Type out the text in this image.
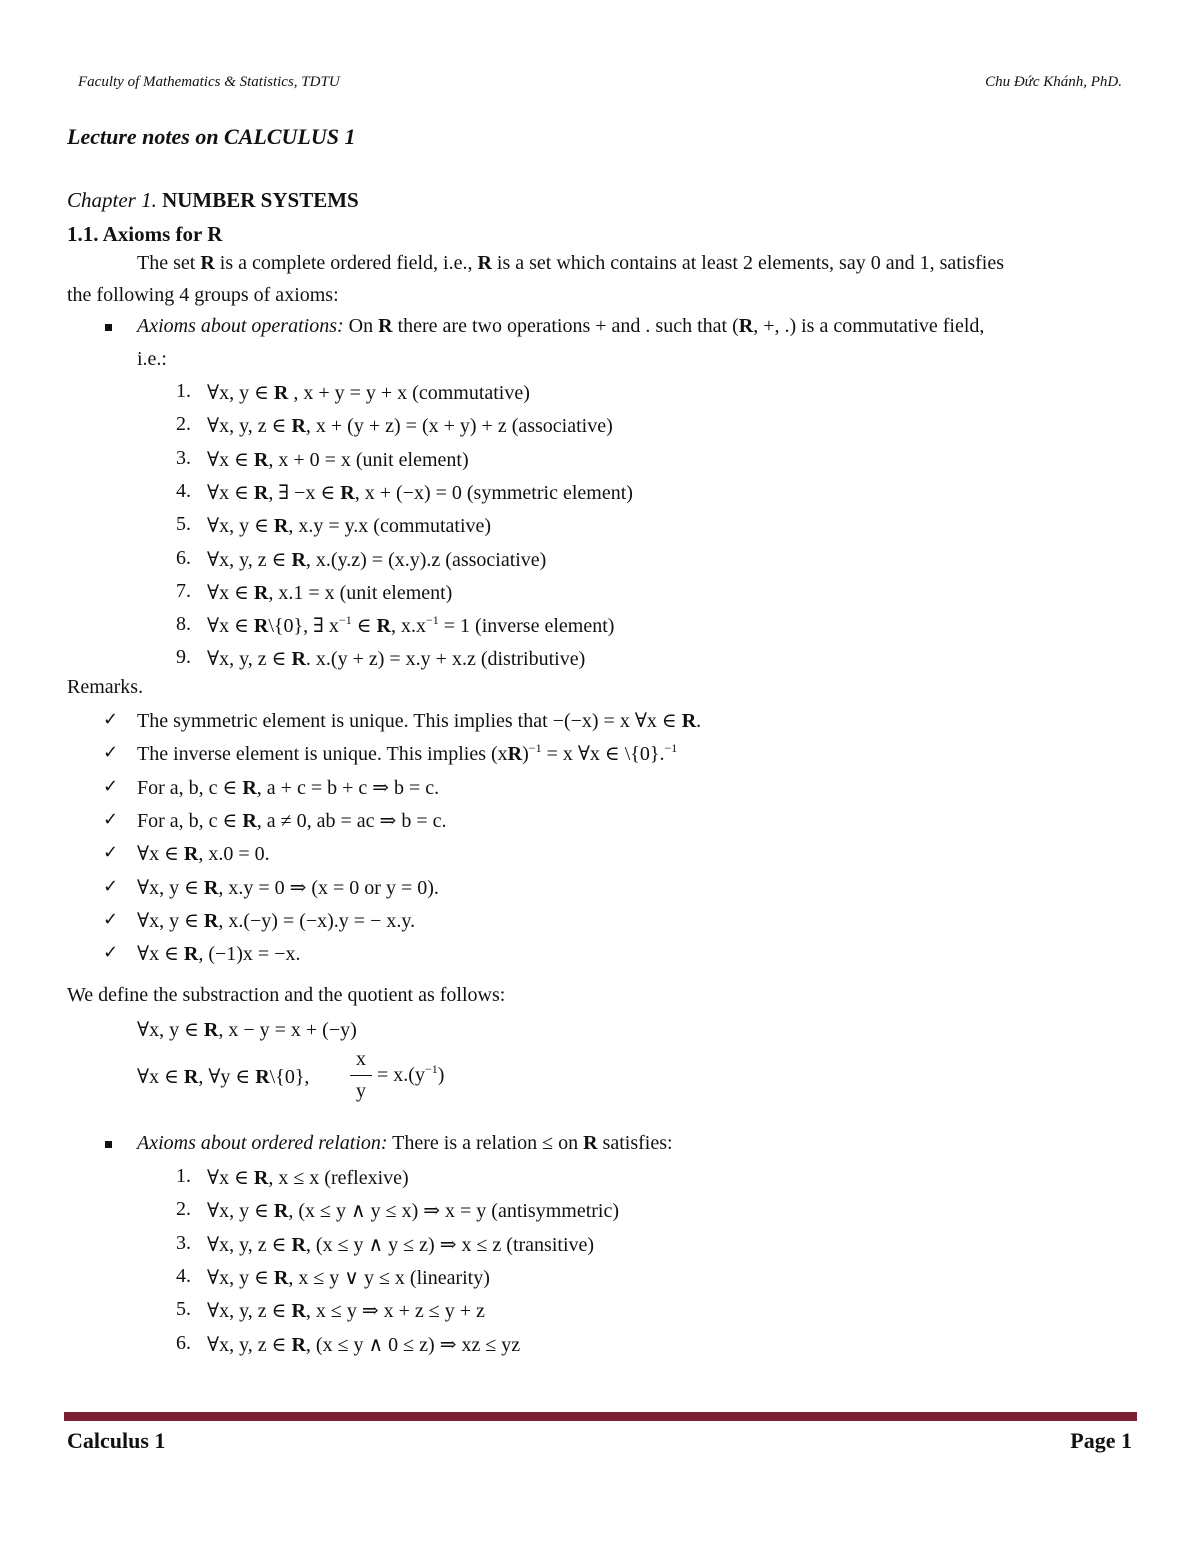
Faculty of Mathematics & Statistics, TDTU	Chu Đức Khánh, PhD.
Lecture notes on CALCULUS 1
Chapter 1. NUMBER SYSTEMS
1.1. Axioms for R
The set R is a complete ordered field, i.e., R is a set which contains at least 2 elements, say 0 and 1, satisfies
the following 4 groups of axioms:
Axioms about operations: On R there are two operations + and . such that (R, +, .) is a commutative field,
i.e.:
1. ∀x, y ∈ R , x + y = y + x (commutative)
2. ∀x, y, z ∈ R, x + (y + z) = (x + y) + z (associative)
3. ∀x ∈ R, x + 0 = x (unit element)
4. ∀x ∈ R, ∃ −x ∈ R, x + (−x) = 0 (symmetric element)
5. ∀x, y ∈ R, x.y = y.x (commutative)
6. ∀x, y, z ∈ R, x.(y.z) = (x.y).z (associative)
7. ∀x ∈ R, x.1 = x (unit element)
8. ∀x ∈ R\{0}, ∃ $x^{-1}$ ∈ R, $x.x^{-1} = 1$ (inverse element)
9. ∀x, y, z ∈ R. x.(y + z) = x.y + x.z (distributive)
Remarks.
✓ The symmetric element is unique. This implies that −(−x) = x ∀x ∈ R.
✓ The inverse element is unique. This implies (xR)$^{-1}$ = x ∀x ∈ \{0}.$^{-1}$
✓ For a, b, c ∈ R, a + c = b + c ⇒ b = c.
✓ For a, b, c ∈ R, a ≠ 0, ab = ac ⇒ b = c.
✓ ∀x ∈ R, x.0 = 0.
✓ ∀x, y ∈ R, x.y = 0 ⇒ (x = 0 or y = 0).
✓ ∀x, y ∈ R, x.(−y) = (−x).y = − x.y.
✓ ∀x ∈ R, (−1)x = −x.
We define the substraction and the quotient as follows:
∀x, y ∈ R, x − y = x + (−y)
∀x ∈ R, ∀y ∈ R\{0},
x
y
= $x.(y^{-1})$
Axioms about ordered relation: There is a relation ≤ on R satisfies:
1. ∀x ∈ R, x ≤ x (reflexive)
2. ∀x, y ∈ R, (x ≤ y ∧ y ≤ x) ⇒ x = y (antisymmetric)
3. ∀x, y, z ∈ R, (x ≤ y ∧ y ≤ z) ⇒ x ≤ z (transitive)
4. ∀x, y ∈ R, x ≤ y ∨ y ≤ x (linearity)
5. ∀x, y, z ∈ R, x ≤ y ⇒ x + z ≤ y + z
6. ∀x, y, z ∈ R, (x ≤ y ∧ 0 ≤ z) ⇒ xz ≤ yz
Calculus 1	Page 1
